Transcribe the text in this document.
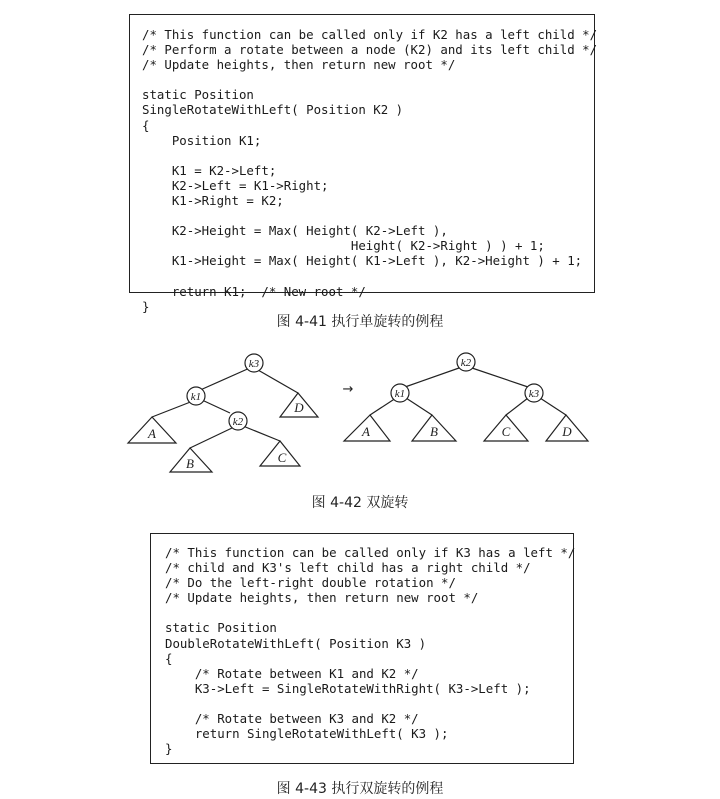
/* This function can be called only if K2 has a left child */
/* Perform a rotate between a node (K2) and its left child */
/* Update heights, then return new root */

static Position
SingleRotateWithLeft( Position K2 )
{
Position K1;

K1 = K2->Left;
K2->Left = K1->Right;
K1->Right = K2;

K2->Height = Max( Height( K2->Left ),
Height( K2->Right ) ) + 1;
K1->Height = Max( Height( K1->Left ), K2->Height ) + 1;

return K1;  /* New root */
}
图 4-41 执行单旋转的例程
A
B	C
D
A	B	C	D
k3
k1
k2
k2
k1	k3
→
图 4-42 双旋转
/* This function can be called only if K3 has a left */
/* child and K3's left child has a right child */
/* Do the left-right double rotation */
/* Update heights, then return new root */

static Position
DoubleRotateWithLeft( Position K3 )
{
/* Rotate between K1 and K2 */
K3->Left = SingleRotateWithRight( K3->Left );

/* Rotate between K3 and K2 */
return SingleRotateWithLeft( K3 );
}
图 4-43 执行双旋转的例程
